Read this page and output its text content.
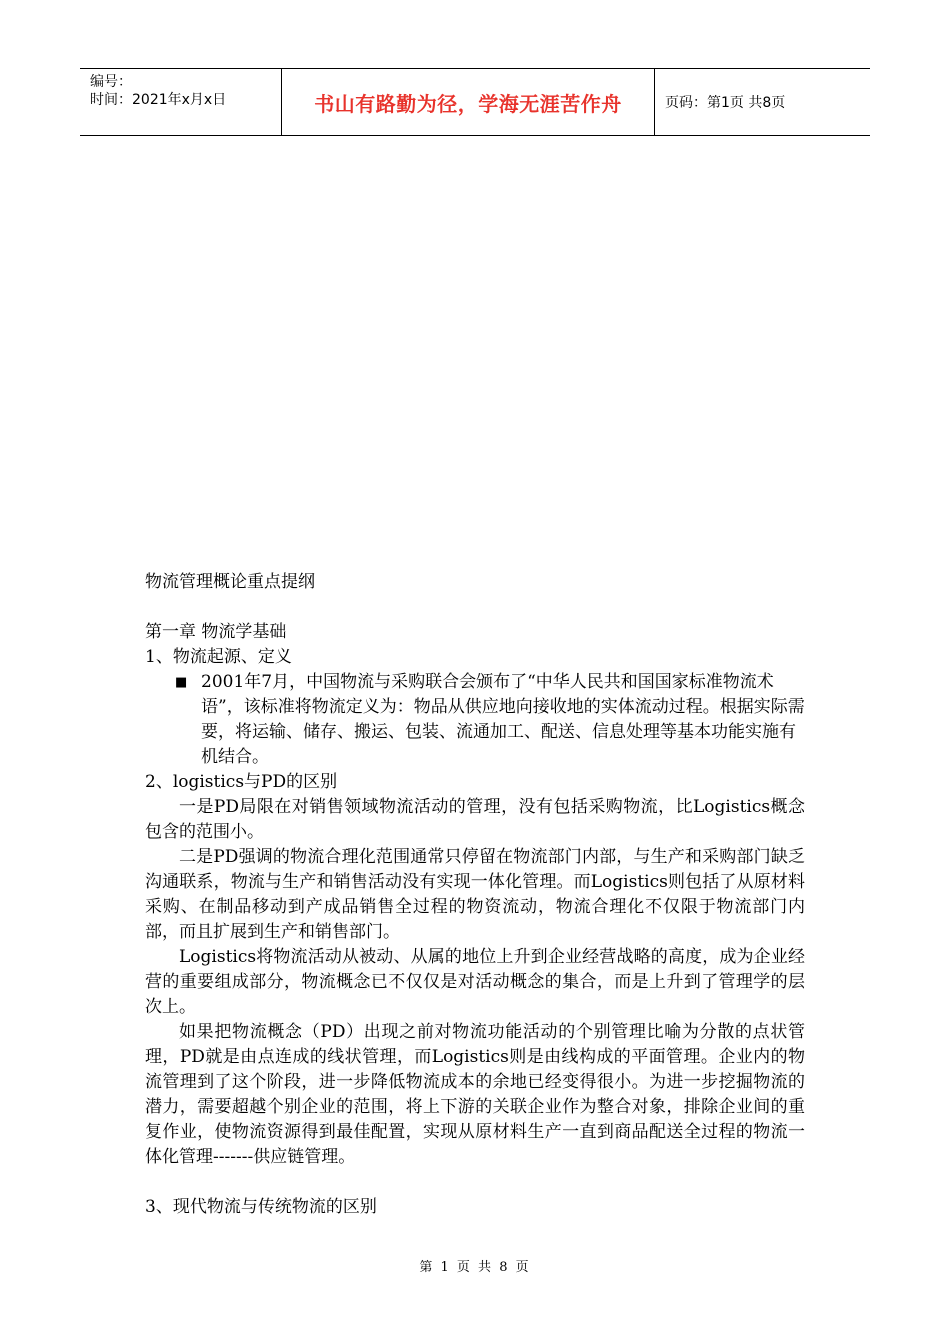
编号：
时间：2021年x月x日	书山有路勤为径，学海无涯苦作舟	页码：第1页 共8页

物流管理概论重点提纲

第一章 物流学基础

1、物流起源、定义

■ 2001年7月，中国物流与采购联合会颁布了“中华人民共和国国家标准物流术语”，该标准将物流定义为：物品从供应地向接收地的实体流动过程。根据实际需要，将运输、储存、搬运、包装、流通加工、配送、信息处理等基本功能实施有机结合。

2、logistics与PD的区别

一是PD局限在对销售领域物流活动的管理，没有包括采购物流，比Logistics概念包含的范围小。

二是PD强调的物流合理化范围通常只停留在物流部门内部，与生产和采购部门缺乏沟通联系，物流与生产和销售活动没有实现一体化管理。而Logistics则包括了从原材料采购、在制品移动到产成品销售全过程的物资流动，物流合理化不仅限于物流部门内部，而且扩展到生产和销售部门。

Logistics将物流活动从被动、从属的地位上升到企业经营战略的高度，成为企业经营的重要组成部分，物流概念已不仅仅是对活动概念的集合，而是上升到了管理学的层次上。

如果把物流概念（PD）出现之前对物流功能活动的个别管理比喻为分散的点状管理，PD就是由点连成的线状管理，而Logistics则是由线构成的平面管理。企业内的物流管理到了这个阶段，进一步降低物流成本的余地已经变得很小。为进一步挖掘物流的潜力，需要超越个别企业的范围，将上下游的关联企业作为整合对象，排除企业间的重复作业，使物流资源得到最佳配置，实现从原材料生产一直到商品配送全过程的物流一体化管理-------供应链管理。

3、现代物流与传统物流的区别

第 1 页 共 8 页
